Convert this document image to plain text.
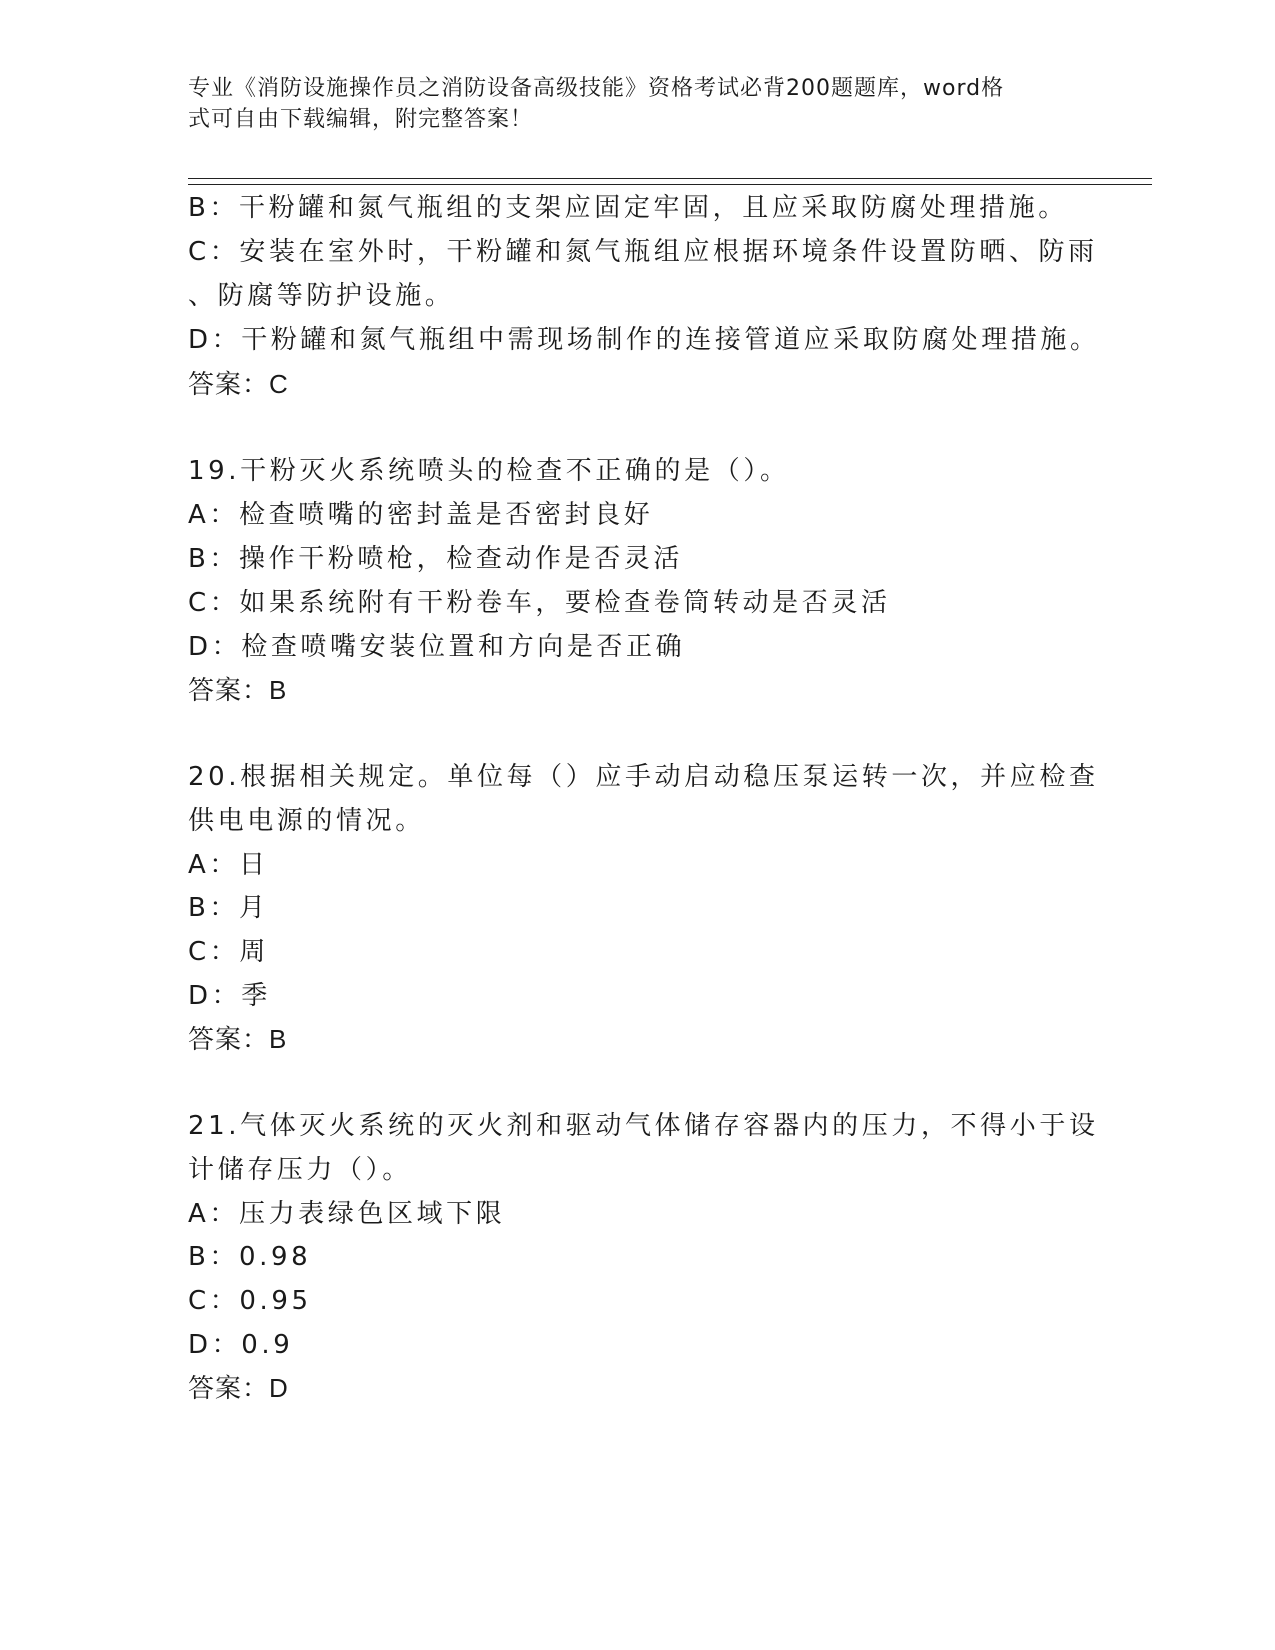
专业《消防设施操作员之消防设备高级技能》资格考试必背200题题库，word格
式可自由下载编辑，附完整答案！
B：干粉罐和氮气瓶组的支架应固定牢固，且应采取防腐处理措施。
C：安装在室外时，干粉罐和氮气瓶组应根据环境条件设置防晒、防雨
、防腐等防护设施。
D：干粉罐和氮气瓶组中需现场制作的连接管道应采取防腐处理措施。
答案：C
19.干粉灭火系统喷头的检查不正确的是（）。
A：检查喷嘴的密封盖是否密封良好
B：操作干粉喷枪，检查动作是否灵活
C：如果系统附有干粉卷车，要检查卷筒转动是否灵活
D：检查喷嘴安装位置和方向是否正确
答案：B
20.根据相关规定。单位每（）应手动启动稳压泵运转一次，并应检查
供电电源的情况。
A：日
B：月
C：周
D：季
答案：B
21.气体灭火系统的灭火剂和驱动气体储存容器内的压力，不得小于设
计储存压力（）。
A：压力表绿色区域下限
B：0.98
C：0.95
D：0.9
答案：D
